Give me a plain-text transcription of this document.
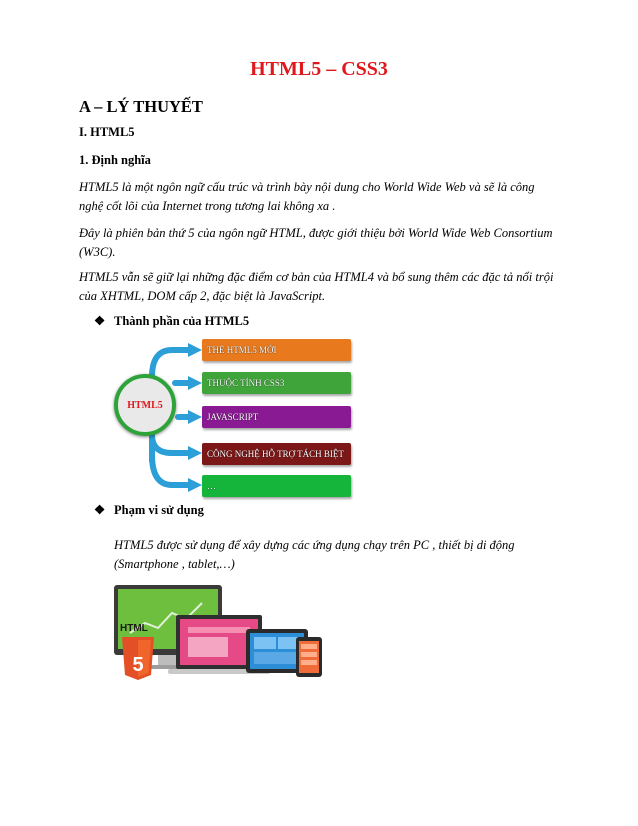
HTML5 – CSS3
A – LÝ THUYẾT
I. HTML5
1. Định nghĩa
HTML5 là một ngôn ngữ cấu trúc và trình bày nội dung cho World Wide Web và sẽ là công nghệ cốt lõi của Internet trong tương lai không xa .
Đây là phiên bản thứ 5 của ngôn ngữ HTML, được giới thiệu bởi World Wide Web Consortium (W3C).
HTML5 vẫn sẽ giữ lại những đặc điểm cơ bản của HTML4 và bổ sung thêm các đặc tả nổi trội của XHTML, DOM cấp 2, đặc biệt là JavaScript.
❖ Thành phần của HTML5
HTML5
THẺ HTML5 MỚI
THUỘC TÍNH CSS3
JAVASCRIPT
CÔNG NGHỆ HỖ TRỢ TÁCH BIỆT
…
❖ Phạm vi sử dụng
HTML5 được sử dụng để xây dựng các ứng dụng chạy trên PC , thiết bị di động (Smartphone , tablet,…)
5
HTML
